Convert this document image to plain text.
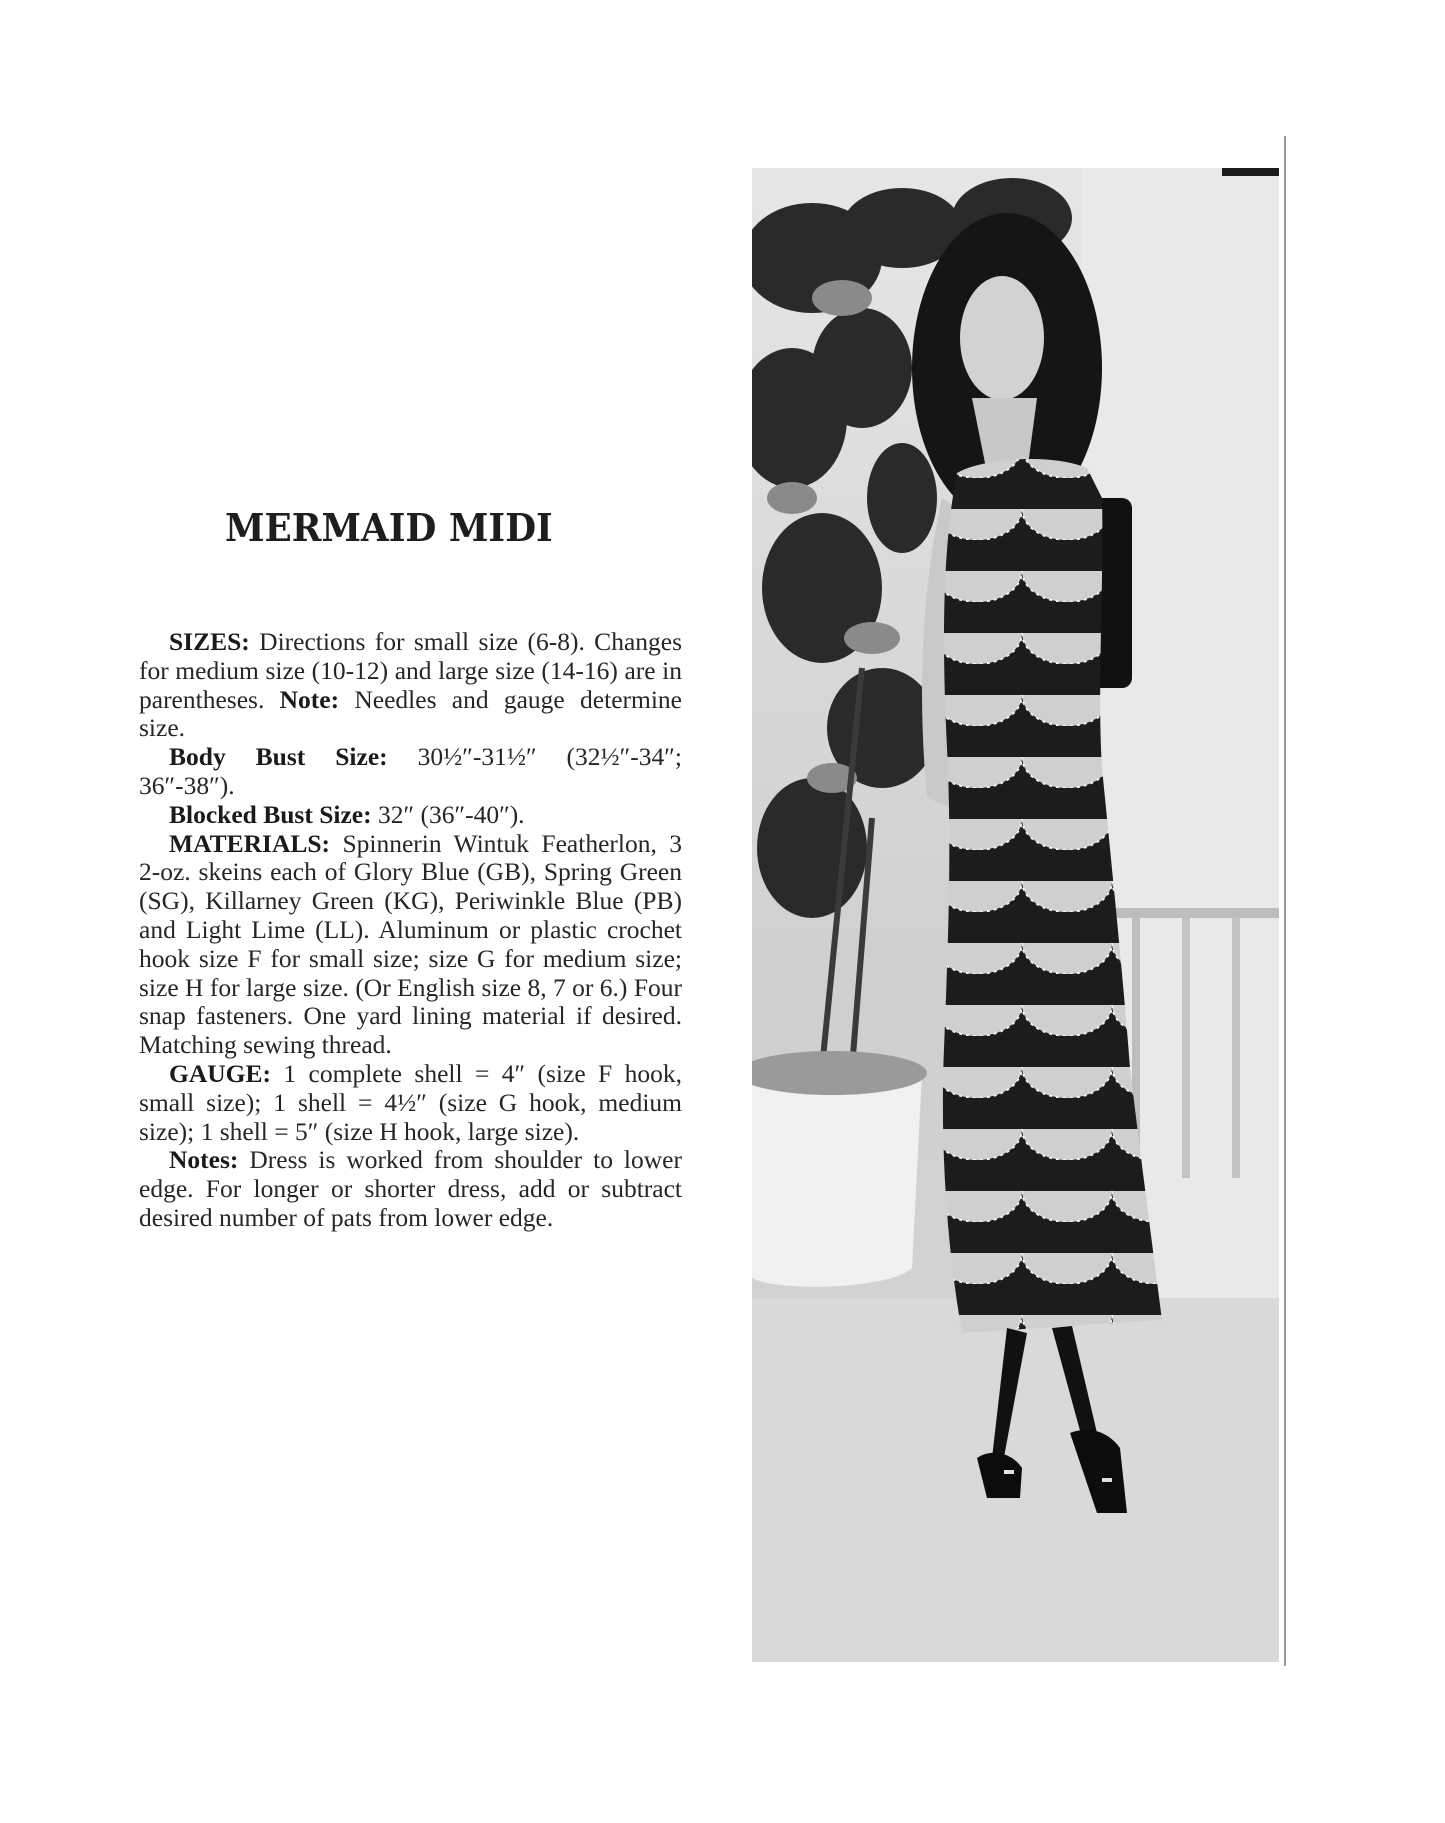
MERMAID MIDI

SIZES: Directions for small size (6-8). Changes for medium size (10-12) and large size (14-16) are in parentheses. Note: Needles and gauge determine size.

Body Bust Size: 30½″-31½″ (32½″-34″; 36″-38″).

Blocked Bust Size: 32″ (36″-40″).

MATERIALS: Spinnerin Wintuk Featherlon, 3 2-oz. skeins each of Glory Blue (GB), Spring Green (SG), Killarney Green (KG), Periwinkle Blue (PB) and Light Lime (LL). Aluminum or plastic crochet hook size F for small size; size G for medium size; size H for large size. (Or English size 8, 7 or 6.) Four snap fasteners. One yard lining material if desired. Matching sewing thread.

GAUGE: 1 complete shell = 4″ (size F hook, small size); 1 shell = 4½″ (size G hook, medium size); 1 shell = 5″ (size H hook, large size).

Notes: Dress is worked from shoulder to lower edge. For longer or shorter dress, add or subtract desired number of pats from lower edge.
